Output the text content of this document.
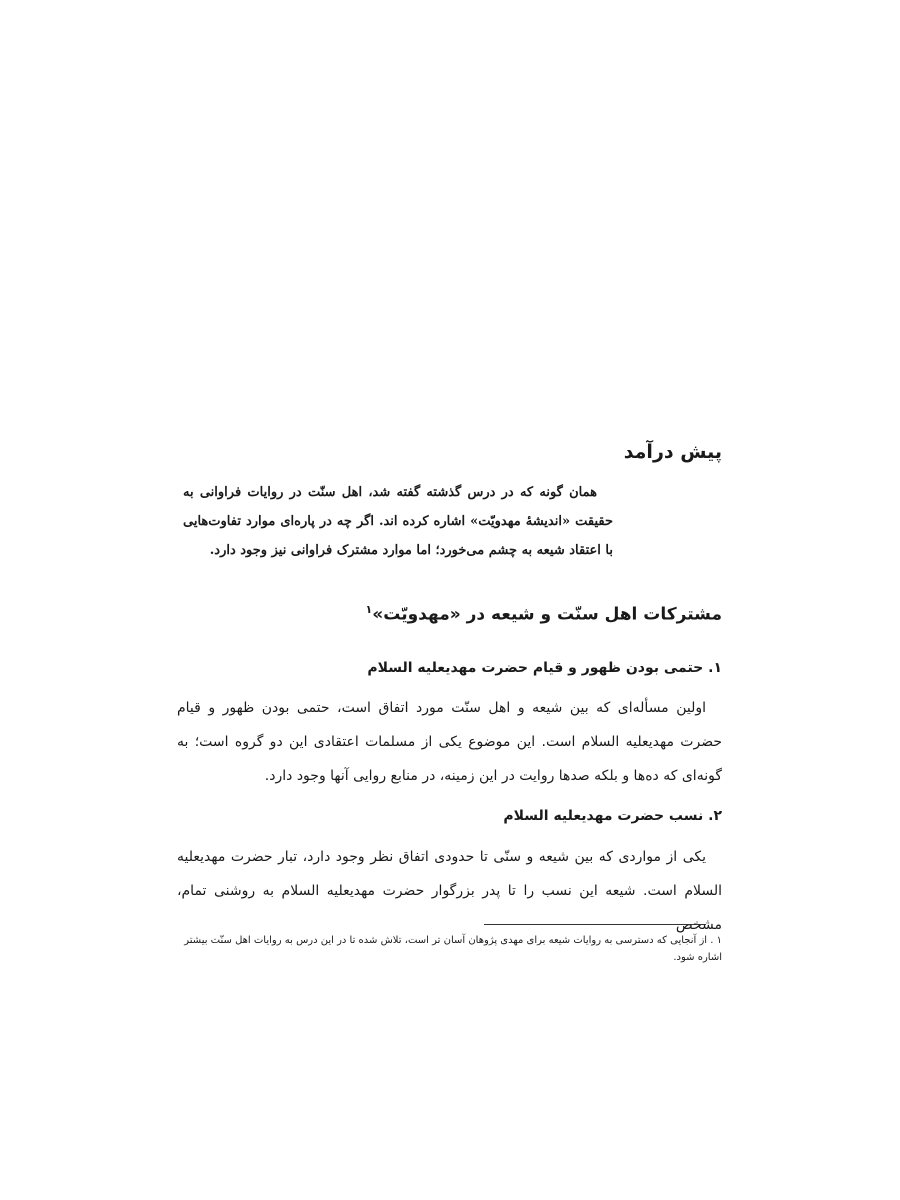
پیش درآمد

همان گونه که در درس گذشته گفته شد، اهل سنّت در روایات فراوانی به حقیقت «اندیشهٔ مهدویّت» اشاره کرده اند. اگر چه در پاره‌ای موارد تفاوت‌هایی با اعتقاد شیعه به چشم می‌خورد؛ اما موارد مشترک فراوانی نیز وجود دارد.

مشترکات اهل سنّت و شیعه در «مهدویّت»$^۱$
۱. حتمی بودن ظهور و قیام حضرت مهدیعليه السلام

اولین مسأله‌ای که بین شیعه و اهل سنّت مورد اتفاق است، حتمی بودن ظهور و قیام حضرت مهدیعليه السلام است. این موضوع یکی از مسلمات اعتقادی این دو گروه است؛ به گونه‌ای که ده‌ها و بلکه صدها روایت در این زمینه، در منابع روایی آنها وجود دارد.

۲. نسب حضرت مهدیعليه السلام

یکی از مواردی که بین شیعه و سنّی تا حدودی اتفاق نظر وجود دارد، تبار حضرت مهدیعليه السلام است. شیعه این نسب را تا پدر بزرگوار حضرت مهدیعليه السلام به روشنی تمام، مشخص

۱ . از آنجایی که دسترسی به روایات شیعه برای مهدی پژوهان آسان تر است، تلاش شده تا در این درس به روایات اهل سنّت بیشتر اشاره شود.
